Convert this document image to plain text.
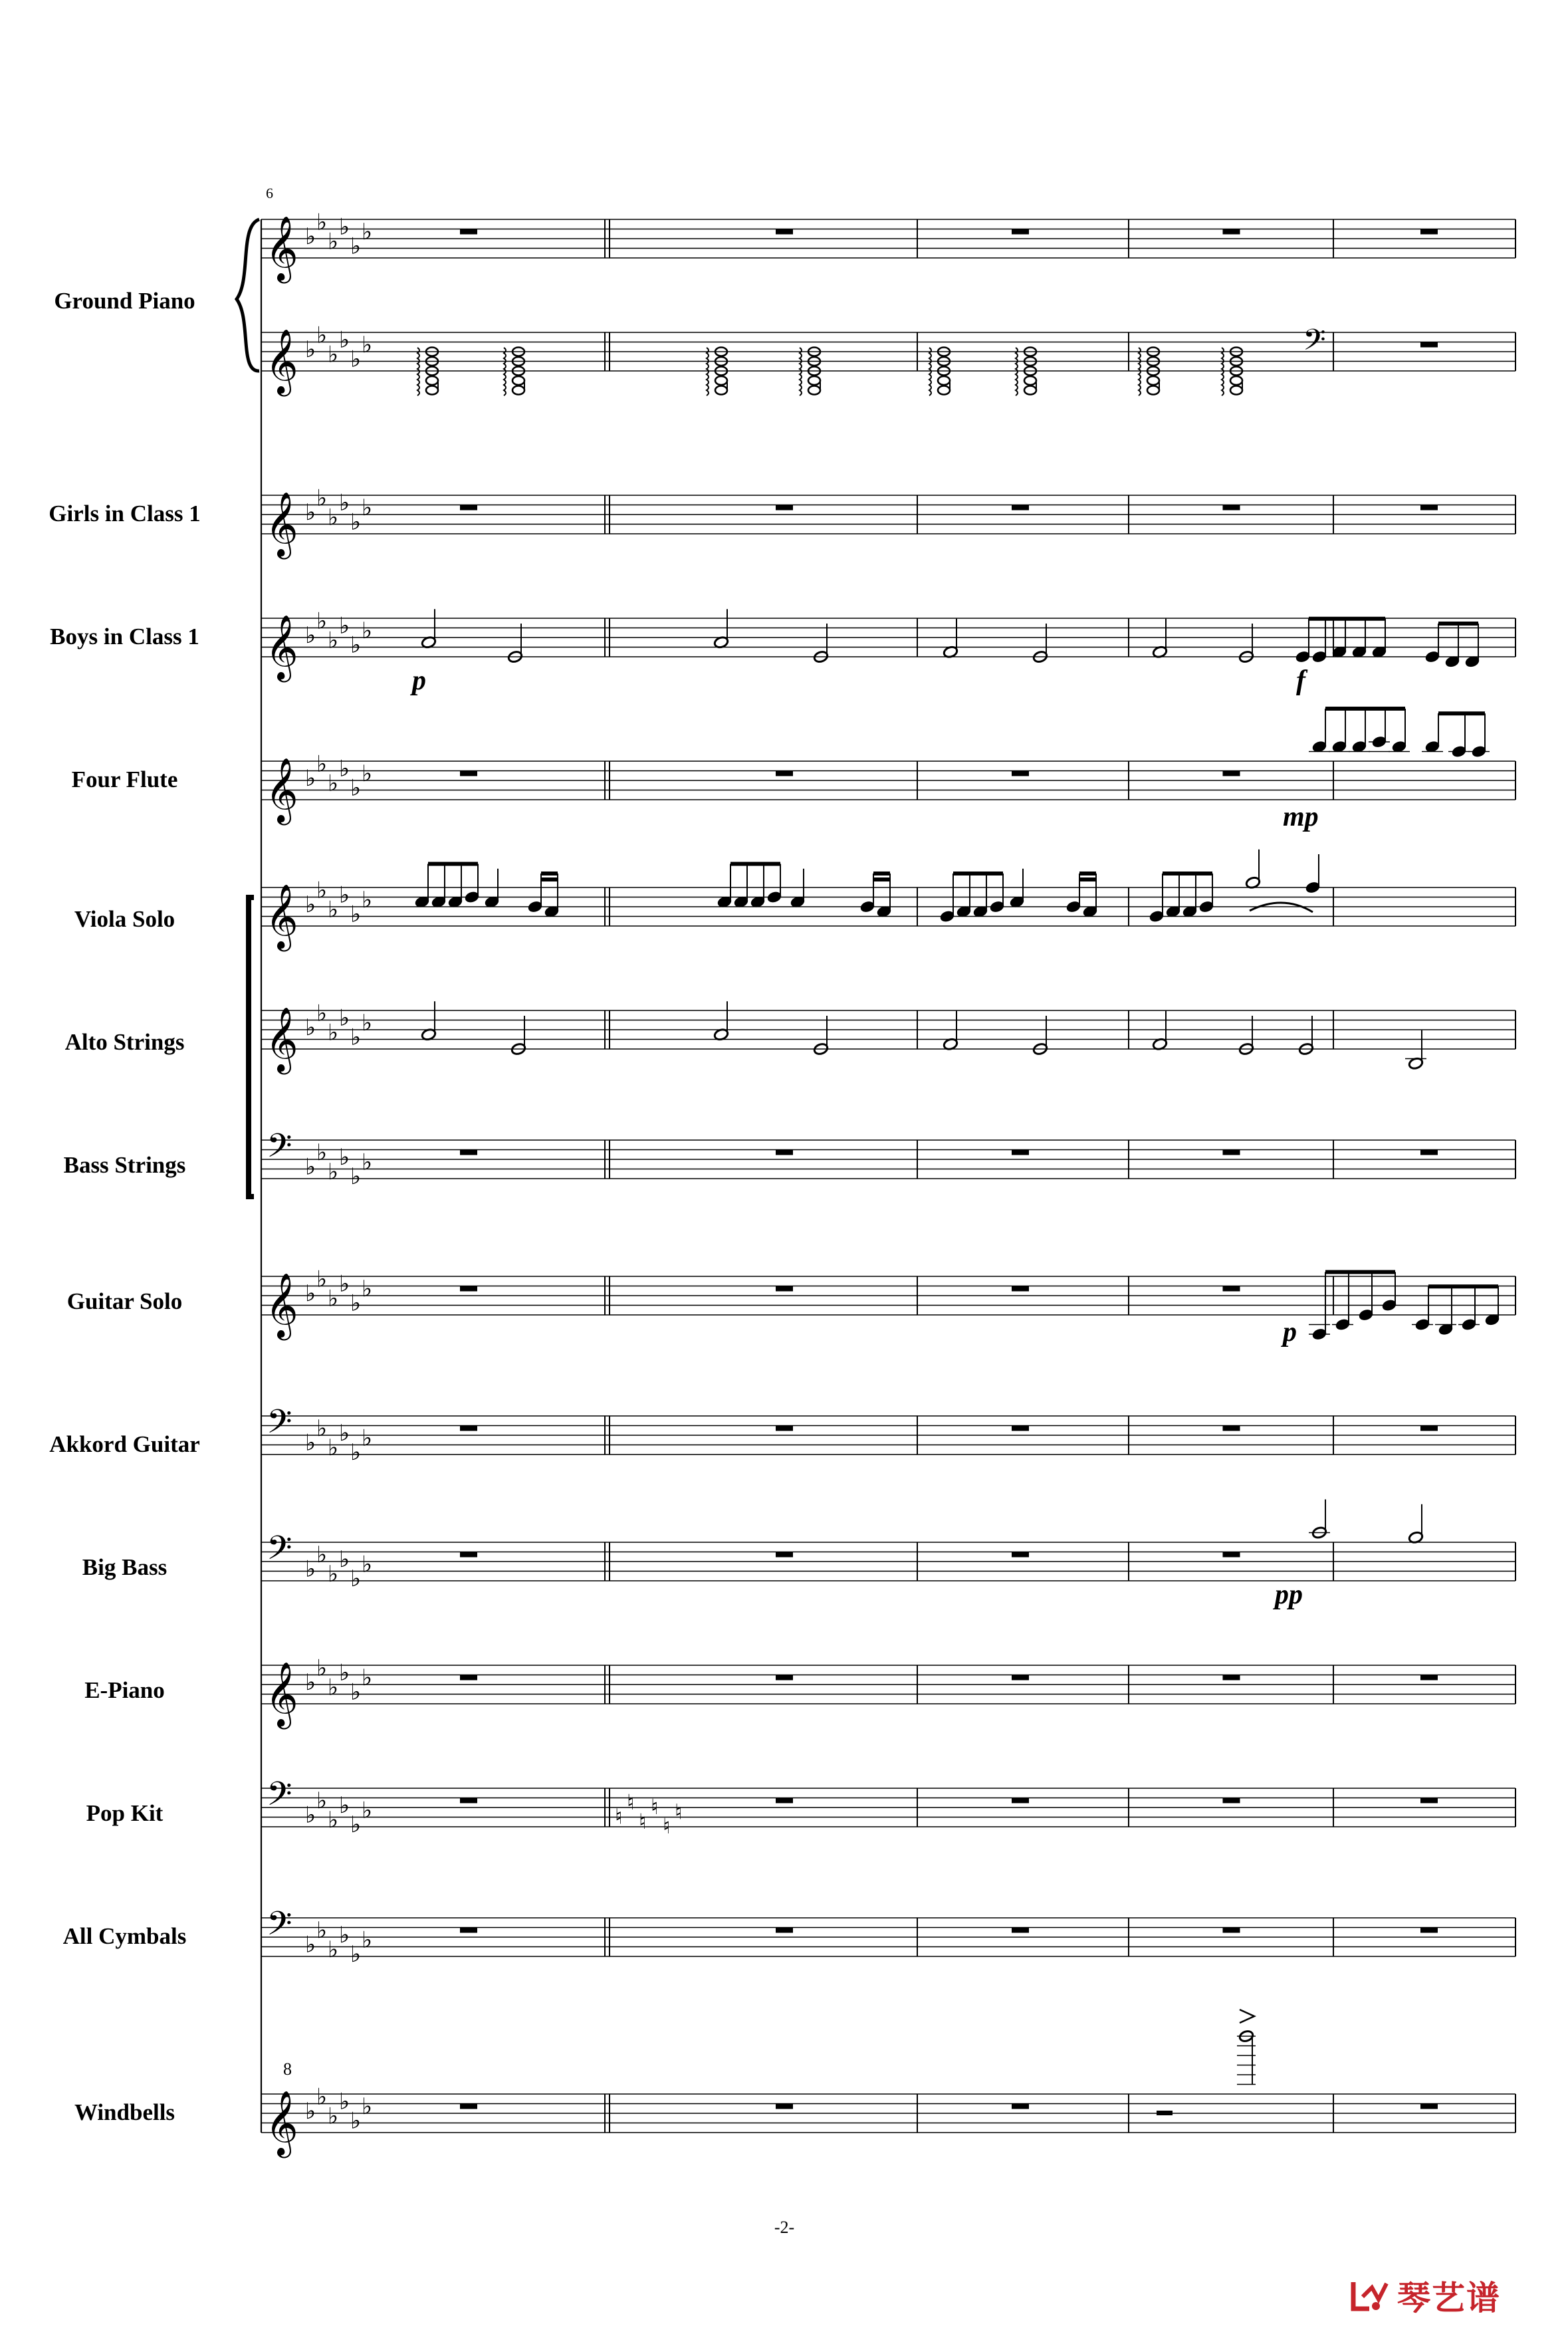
𝄞 ♭
♭
♭
♭
♭
♭
𝄞 ♭
♭
♭
♭
♭
♭
𝄞 ♭
♭
♭
♭
♭
♭
𝄞 ♭
♭
♭
♭
♭
♭
𝄞 ♭
♭
♭
♭
♭
♭
𝄞 ♭
♭
♭
♭
♭
♭
𝄞 ♭
♭
♭
♭
♭
♭
𝄢 ♭
♭
♭
♭
♭
♭
𝄞 ♭
♭
♭
♭
♭
♭
𝄢 ♭
♭
♭
♭
♭
♭
𝄢 ♭
♭
♭
♭
♭
♭
𝄞 ♭
♭
♭
♭
♭
♭
𝄢 ♭
♭
♭
♭
♭
♭
𝄢 ♭
♭
♭
♭
♭
♭
𝄞 ♭
♭
♭
♭
♭
♭
𝄢
♮
♮
♮
♮
♮
♮
Ground Piano
Girls in Class 1
Boys in Class 1
Four Flute
Viola Solo
Alto Strings
Bass Strings
Guitar Solo
Akkord Guitar
Big Bass
E-Piano
Pop Kit
All Cymbals
Windbells
6
-2-
琴艺谱
p	f
mp
p
pp
8
